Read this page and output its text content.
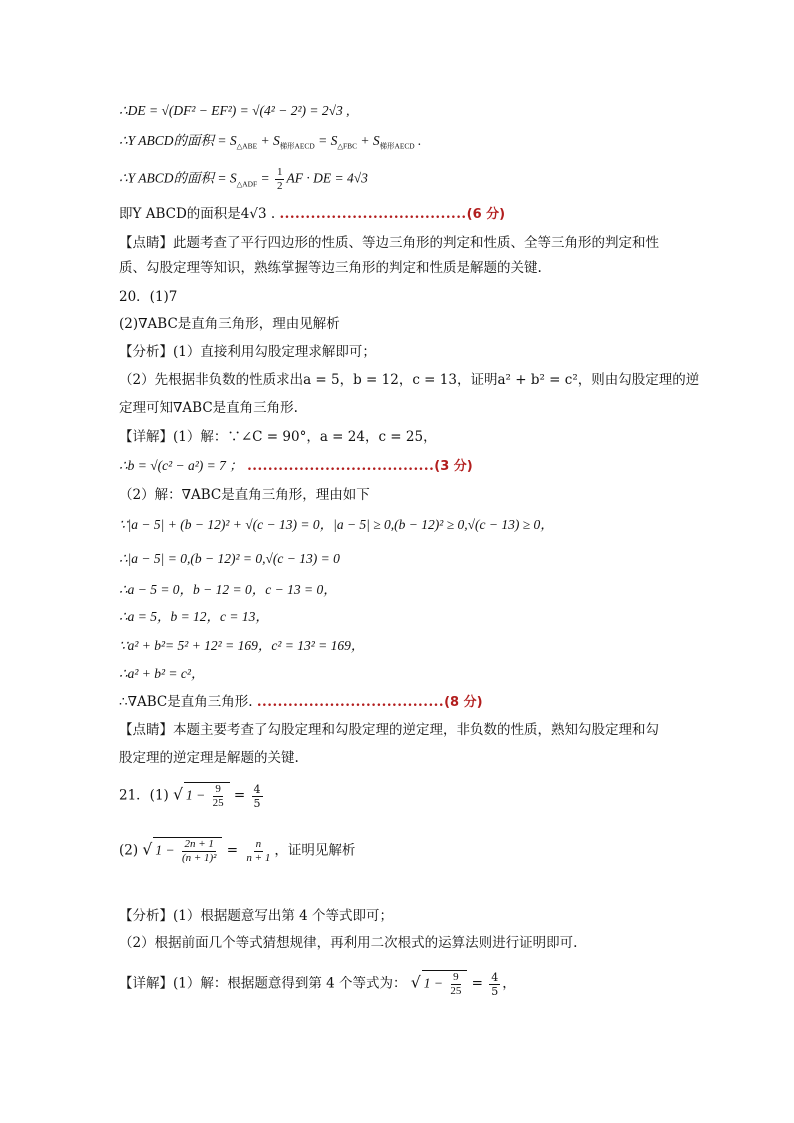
∴DE = √(DF² − EF²) = √(4² − 2²) = 2√3 ,
∴Y ABCD的面积 = $S_{\triangle ABE} + S_{梯形AECD} = S_{\triangle FBC} + S_{梯形AECD}$ .
∴Y ABCD的面积 = $S_{\triangle ADF} = \frac{1}{2}$ AF · DE = 4√3
即Y ABCD的面积是4√3 . ....................................(6 分)
【点睛】此题考查了平行四边形的性质、等边三角形的判定和性质、全等三角形的判定和性
质、勾股定理等知识，熟练掌握等边三角形的判定和性质是解题的关键.
20．(1)7
(2)∇ABC是直角三角形，理由见解析
【分析】(1）直接利用勾股定理求解即可；
（2）先根据非负数的性质求出a = 5，b = 12，c = 13，证明a² + b² = c²，则由勾股定理的逆
定理可知∇ABC是直角三角形.
【详解】(1）解：∵∠C = 90°，a = 24，c = 25，
∴b = √(c² − a²) = 7 ； ....................................(3 分)
（2）解：∇ABC是直角三角形，理由如下
∵|a − 5| + (b − 12)² + √(c − 13) = 0，|a − 5| ≥ 0,(b − 12)² ≥ 0,√(c − 13) ≥ 0，
∴|a − 5| = 0,(b − 12)² = 0,√(c − 13) = 0
∴a − 5 = 0，b − 12 = 0，c − 13 = 0，
∴a = 5，b = 12，c = 13，
∵a² + b²= 5² + 12² = 169，c² = 13² = 169，
∴a² + b² = c²，
∴∇ABC是直角三角形. ....................................(8 分)
【点睛】本题主要考查了勾股定理和勾股定理的逆定理，非负数的性质，熟知勾股定理和勾
股定理的逆定理是解题的关键.
21．(1) √ $1 - \frac{9}{25} = \frac{4}{5}$
(2) √ $1 - \frac{2n + 1}{\text{(n + 1)²}} = \frac{n}{n + 1}$ ，证明见解析
【分析】(1）根据题意写出第 4 个等式即可；
（2）根据前面几个等式猜想规律，再利用二次根式的运算法则进行证明即可.
【详解】(1）解：根据题意得到第 4 个等式为： √ $1 - \frac{9}{25} = \frac{4}{5}$ ，
